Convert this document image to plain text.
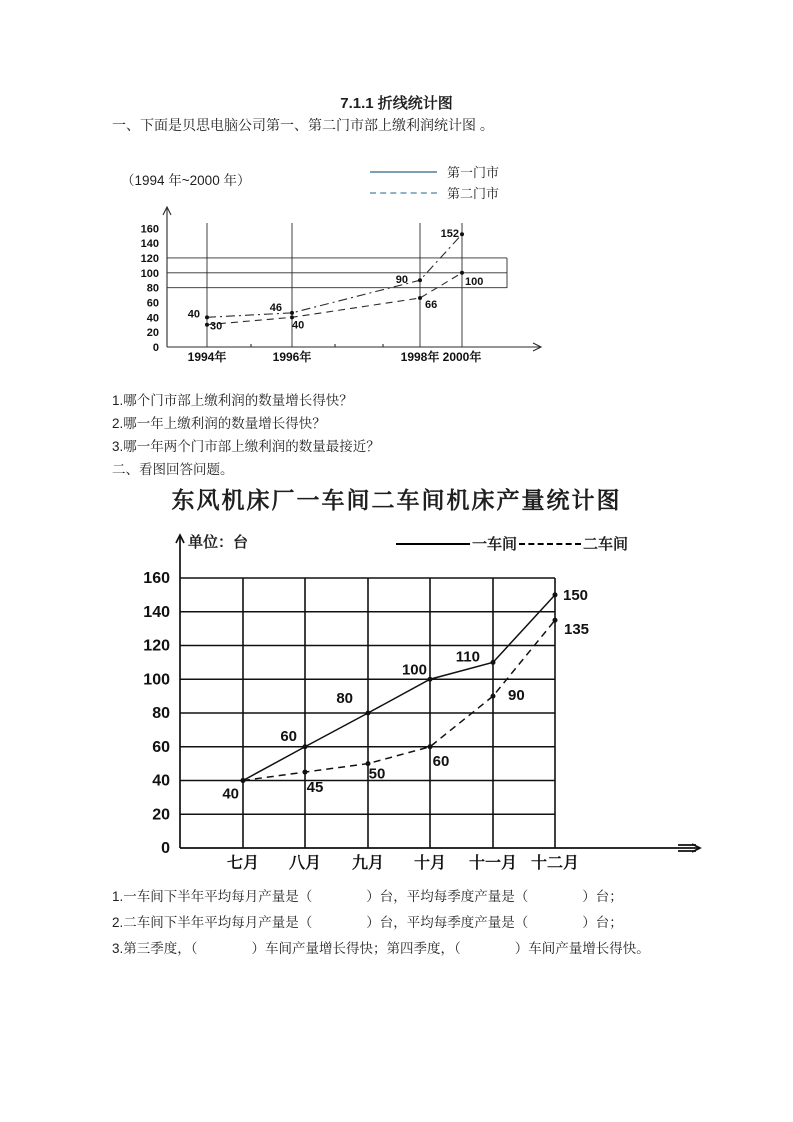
7.1.1 折线统计图

一、下面是贝思电脑公司第一、第二门市部上缴利润统计图 。

（1994 年~2000 年）

第一门市
第二门市
0
20
40
60
80
100
120
140
160
1994年	1996年	1998年 2000年
40
46
90
152
30	40
66
100

1.哪个门市部上缴利润的数量增长得快？

2.哪一年上缴利润的数量增长得快？

3.哪一年两个门市部上缴利润的数量最接近？

二、看图回答问题。

东风机床厂一车间二车间机床产量统计图

单位：台	一车间	二车间
0
20
40
60
80
100
120
140
160
七月 八月 九月 十月 十一月 十二月
40
60
80
100
110
150
45
50
60
90
135

1.一车间下半年平均每月产量是（　　　　）台，平均每季度产量是（　　　　）台；

2.二车间下半年平均每月产量是（　　　　）台，平均每季度产量是（　　　　）台；

3.第三季度，（　　　　）车间产量增长得快；第四季度，（　　　　）车间产量增长得快。
